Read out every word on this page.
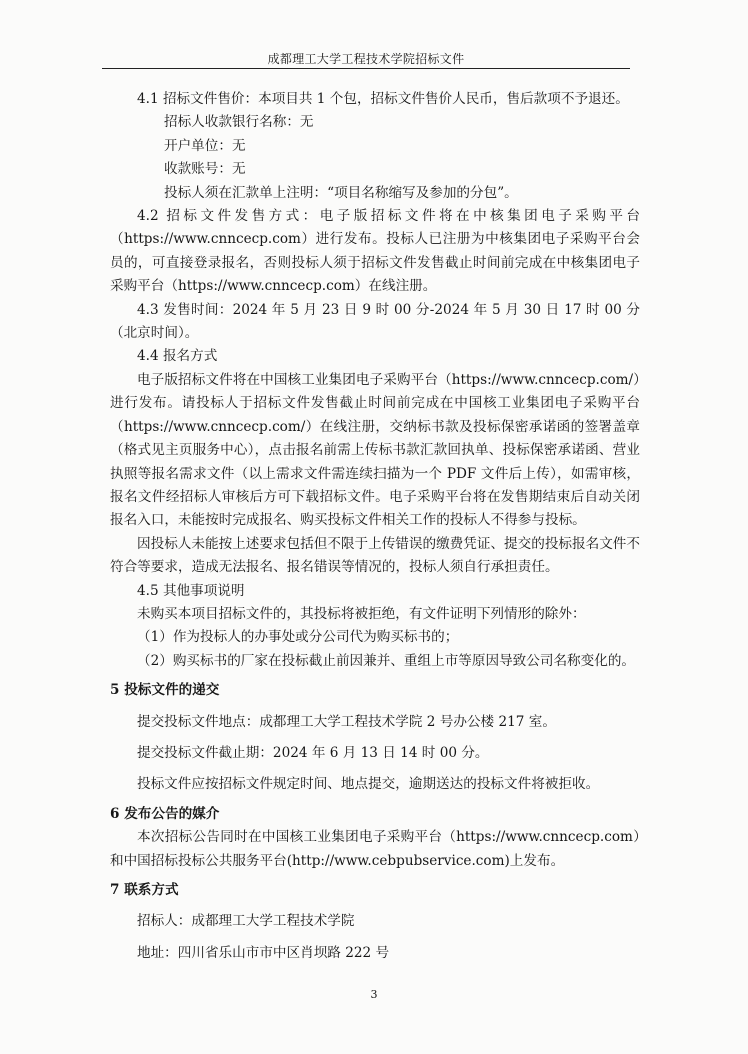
成都理工大学工程技术学院招标文件

4.1 招标文件售价：本项目共 1 个包，招标文件售价人民币，售后款项不予退还。

招标人收款银行名称：无

开户单位：无

收款账号：无

投标人须在汇款单上注明：“项目名称缩写及参加的分包”。

4.2 招标文件发售方式：电子版招标文件将在中核集团电子采购平台（https://www.cnncecp.com）进行发布。投标人已注册为中核集团电子采购平台会员的，可直接登录报名，否则投标人须于招标文件发售截止时间前完成在中核集团电子采购平台（https://www.cnncecp.com）在线注册。

4.3 发售时间：2024 年 5 月 23 日 9 时 00 分-2024 年 5 月 30 日 17 时 00 分（北京时间）。

4.4 报名方式

电子版招标文件将在中国核工业集团电子采购平台（https://www.cnncecp.com/）进行发布。请投标人于招标文件发售截止时间前完成在中国核工业集团电子采购平台（https://www.cnncecp.com/）在线注册，交纳标书款及投标保密承诺函的签署盖章（格式见主页服务中心），点击报名前需上传标书款汇款回执单、投标保密承诺函、营业执照等报名需求文件（以上需求文件需连续扫描为一个 PDF 文件后上传），如需审核，报名文件经招标人审核后方可下载招标文件。电子采购平台将在发售期结束后自动关闭报名入口，未能按时完成报名、购买投标文件相关工作的投标人不得参与投标。

因投标人未能按上述要求包括但不限于上传错误的缴费凭证、提交的投标报名文件不符合等要求，造成无法报名、报名错误等情况的，投标人须自行承担责任。

4.5 其他事项说明

未购买本项目招标文件的，其投标将被拒绝，有文件证明下列情形的除外：

（1）作为投标人的办事处或分公司代为购买标书的；

（2）购买标书的厂家在投标截止前因兼并、重组上市等原因导致公司名称变化的。

5 投标文件的递交

提交投标文件地点：成都理工大学工程技术学院 2 号办公楼 217 室。

提交投标文件截止期：2024 年 6 月 13 日 14 时 00 分。

投标文件应按招标文件规定时间、地点提交，逾期送达的投标文件将被拒收。

6 发布公告的媒介

本次招标公告同时在中国核工业集团电子采购平台（https://www.cnncecp.com）和中国招标投标公共服务平台(http://www.cebpubservice.com)上发布。

7 联系方式

招标人：成都理工大学工程技术学院

地址：四川省乐山市市中区肖坝路 222 号

3
